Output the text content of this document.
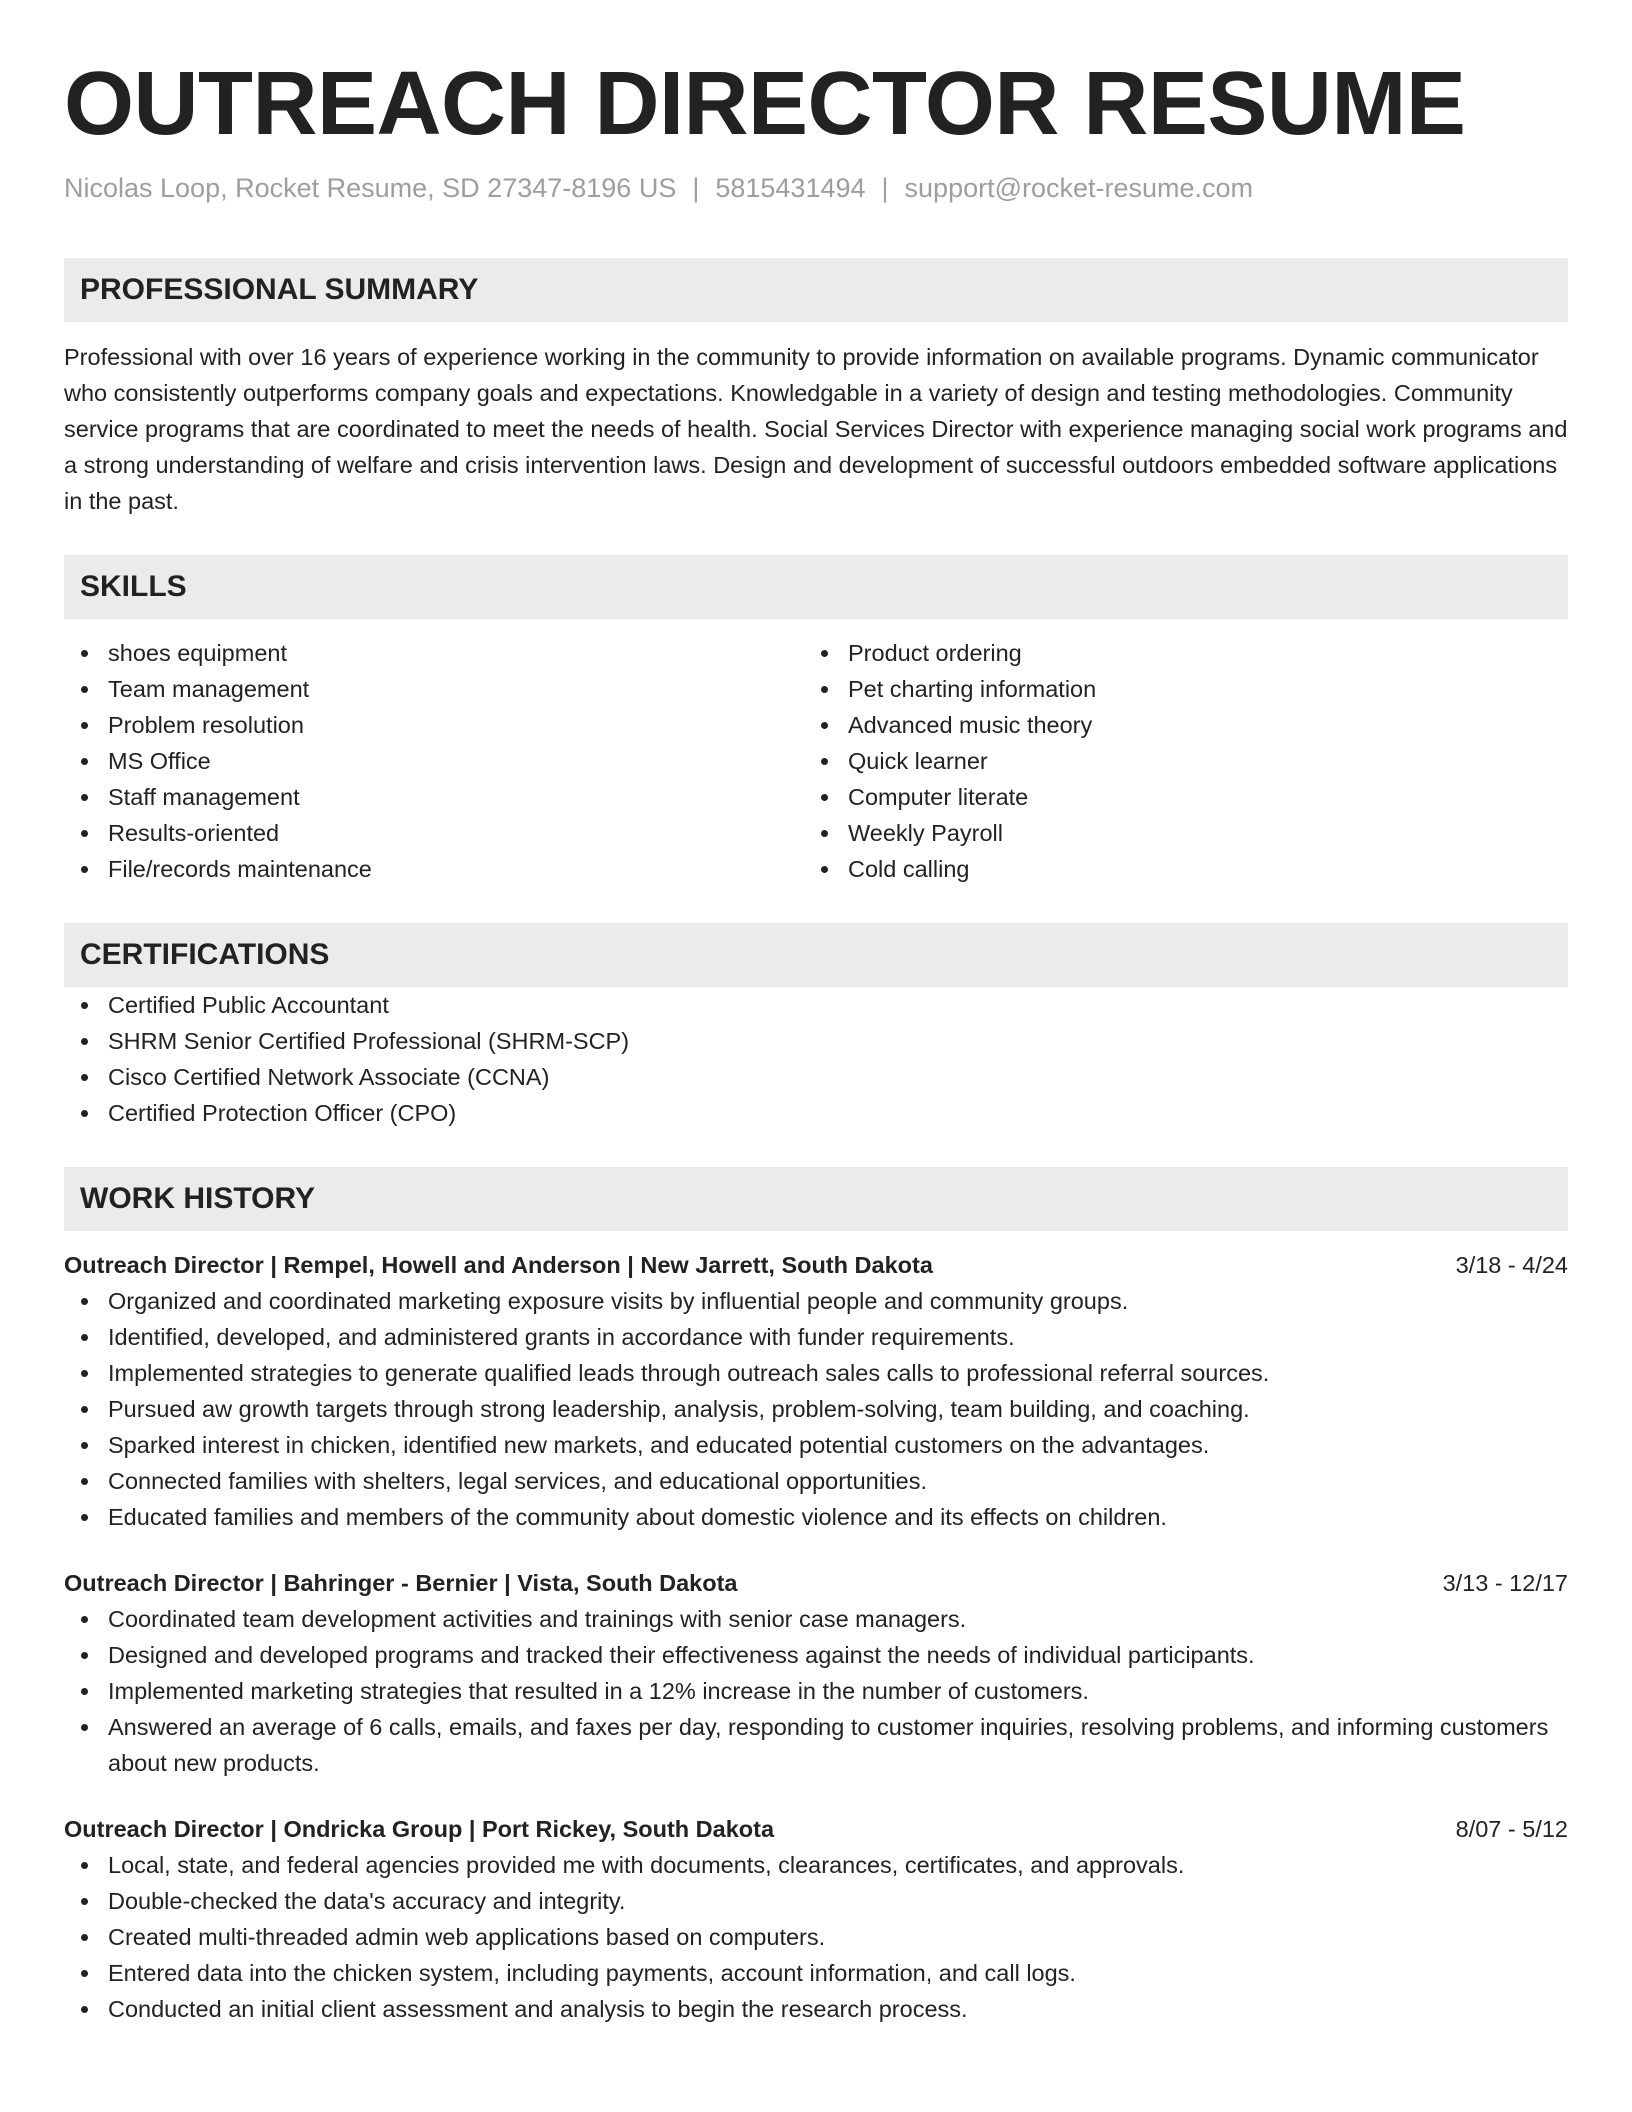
OUTREACH DIRECTOR RESUME
Nicolas Loop, Rocket Resume, SD 27347-8196 US | 5815431494 | support@rocket-resume.com
PROFESSIONAL SUMMARY

Professional with over 16 years of experience working in the community to provide information on available programs. Dynamic communicator who consistently outperforms company goals and expectations. Knowledgable in a variety of design and testing methodologies. Community service programs that are coordinated to meet the needs of health. Social Services Director with experience managing social work programs and a strong understanding of welfare and crisis intervention laws. Design and development of successful outdoors embedded software applications in the past.

SKILLS
shoes equipment
Team management
Problem resolution
MS Office
Staff management
Results-oriented
File/records maintenance
Product ordering
Pet charting information
Advanced music theory
Quick learner
Computer literate
Weekly Payroll
Cold calling
CERTIFICATIONS
Certified Public Accountant
SHRM Senior Certified Professional (SHRM-SCP)
Cisco Certified Network Associate (CCNA)
Certified Protection Officer (CPO)
WORK HISTORY
Outreach Director | Rempel, Howell and Anderson | New Jarrett, South Dakota	3/18 - 4/24
Organized and coordinated marketing exposure visits by influential people and community groups.
Identified, developed, and administered grants in accordance with funder requirements.
Implemented strategies to generate qualified leads through outreach sales calls to professional referral sources.
Pursued aw growth targets through strong leadership, analysis, problem-solving, team building, and coaching.
Sparked interest in chicken, identified new markets, and educated potential customers on the advantages.
Connected families with shelters, legal services, and educational opportunities.
Educated families and members of the community about domestic violence and its effects on children.
Outreach Director | Bahringer - Bernier | Vista, South Dakota	3/13 - 12/17
Coordinated team development activities and trainings with senior case managers.
Designed and developed programs and tracked their effectiveness against the needs of individual participants.
Implemented marketing strategies that resulted in a 12% increase in the number of customers.
Answered an average of 6 calls, emails, and faxes per day, responding to customer inquiries, resolving problems, and informing customers about new products.
Outreach Director | Ondricka Group | Port Rickey, South Dakota	8/07 - 5/12
Local, state, and federal agencies provided me with documents, clearances, certificates, and approvals.
Double-checked the data's accuracy and integrity.
Created multi-threaded admin web applications based on computers.
Entered data into the chicken system, including payments, account information, and call logs.
Conducted an initial client assessment and analysis to begin the research process.
